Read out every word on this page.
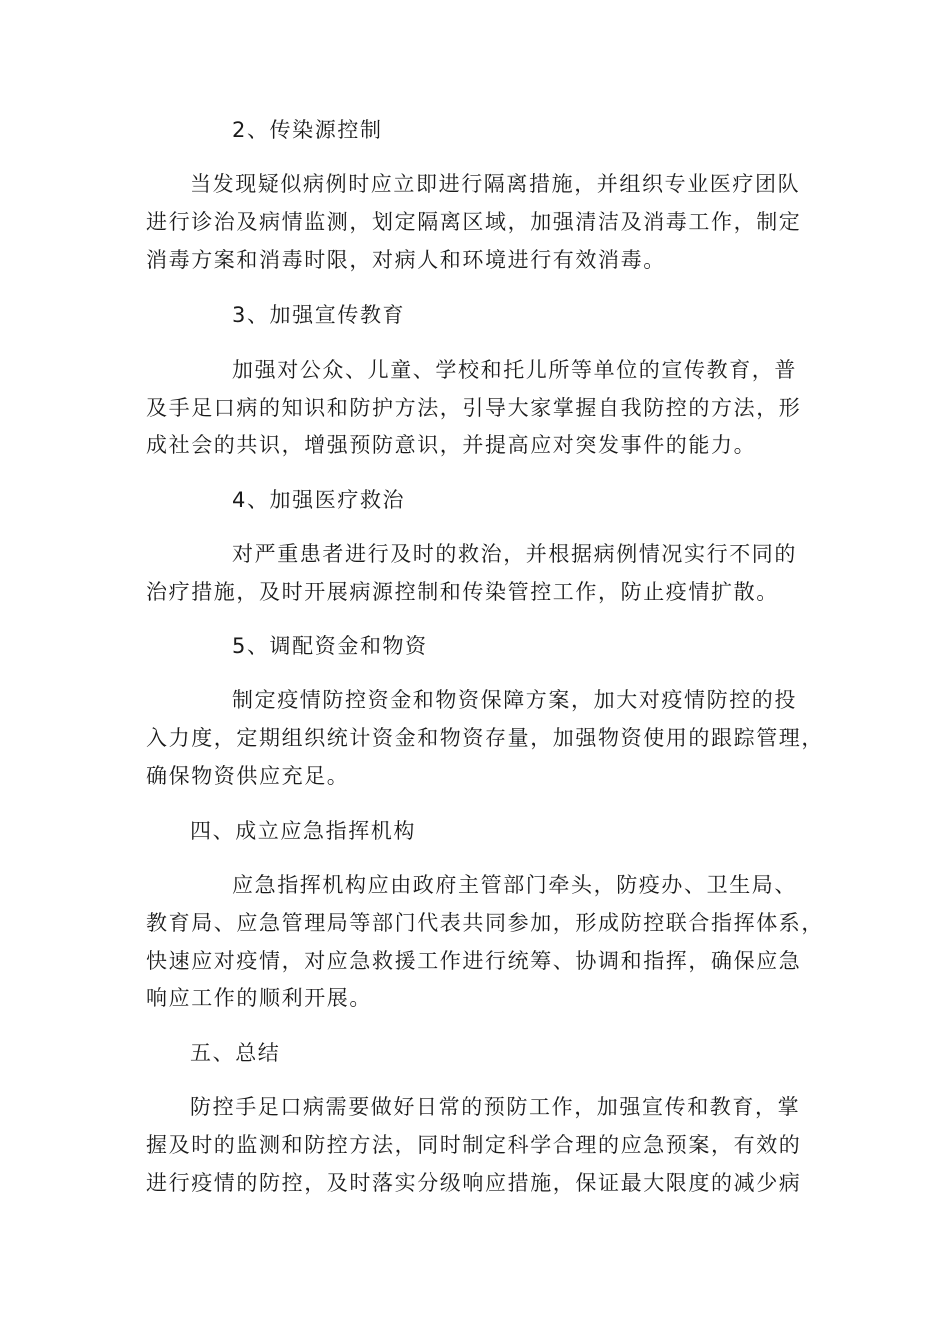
2、传染源控制
当发现疑似病例时应立即进行隔离措施，并组织专业医疗团队
进行诊治及病情监测，划定隔离区域，加强清洁及消毒工作，制定
消毒方案和消毒时限，对病人和环境进行有效消毒。
3、加强宣传教育
加强对公众、儿童、学校和托儿所等单位的宣传教育，普
及手足口病的知识和防护方法，引导大家掌握自我防控的方法，形
成社会的共识，增强预防意识，并提高应对突发事件的能力。
4、加强医疗救治
对严重患者进行及时的救治，并根据病例情况实行不同的
治疗措施，及时开展病源控制和传染管控工作，防止疫情扩散。
5、调配资金和物资
制定疫情防控资金和物资保障方案，加大对疫情防控的投
入力度，定期组织统计资金和物资存量，加强物资使用的跟踪管理，
确保物资供应充足。
四、成立应急指挥机构
应急指挥机构应由政府主管部门牵头，防疫办、卫生局、
教育局、应急管理局等部门代表共同参加，形成防控联合指挥体系，
快速应对疫情，对应急救援工作进行统筹、协调和指挥，确保应急
响应工作的顺利开展。
五、总结
防控手足口病需要做好日常的预防工作，加强宣传和教育，掌
握及时的监测和防控方法，同时制定科学合理的应急预案，有效的
进行疫情的防控，及时落实分级响应措施，保证最大限度的减少病
